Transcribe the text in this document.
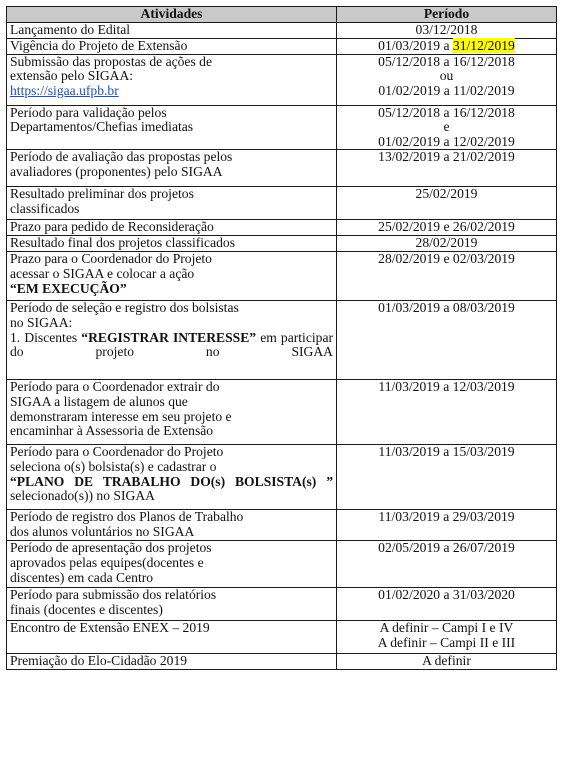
Atividades	Período

Lançamento do Edital	03/12/2018

Vigência do Projeto de Extensão	01/03/2019 a 31/12/2019

Submissão das propostas de ações de
extensão pelo SIGAA:
https://sigaa.ufpb.br	05/12/2018 a 16/12/2018
ou
01/02/2019 a 11/02/2019

Período para validação pelos
Departamentos/Chefias imediatas	05/12/2018 a 16/12/2018
e
01/02/2019 a 12/02/2019

Período de avaliação das propostas pelos
avaliadores (proponentes) pelo SIGAA	13/02/2019 a 21/02/2019

Resultado preliminar dos projetos
classificados	25/02/2019

Prazo para pedido de Reconsideração	25/02/2019 e 26/02/2019

Resultado final dos projetos classificados	28/02/2019

Prazo para o Coordenador do Projeto
acessar o SIGAA e colocar a ação
“EM EXECUÇÃO”	28/02/2019 e 02/03/2019

Período de seleção e registro dos bolsistas
no SIGAA:
1. Discentes “REGISTRAR INTERESSE” em participar do projeto no SIGAA	01/03/2019 a 08/03/2019

Período para o Coordenador extrair do
SIGAA a listagem de alunos que
demonstraram interesse em seu projeto e
encaminhar à Assessoria de Extensão	11/03/2019 a 12/03/2019

Período para o Coordenador do Projeto
seleciona o(s) bolsista(s) e cadastrar o
“PLANO DE TRABALHO DO(s) BOLSISTA(s) ” selecionado(s)) no SIGAA	11/03/2019 a 15/03/2019

Período de registro dos Planos de Trabalho
dos alunos voluntários no SIGAA	11/03/2019 a 29/03/2019

Período de apresentação dos projetos
aprovados pelas equipes(docentes e
discentes) em cada Centro	02/05/2019 a 26/07/2019

Período para submissão dos relatórios
finais (docentes e discentes)	01/02/2020 a 31/03/2020

Encontro de Extensão ENEX – 2019	A definir – Campi I e IV
A definir – Campi II e III

Premiação do Elo-Cidadão 2019	A definir
